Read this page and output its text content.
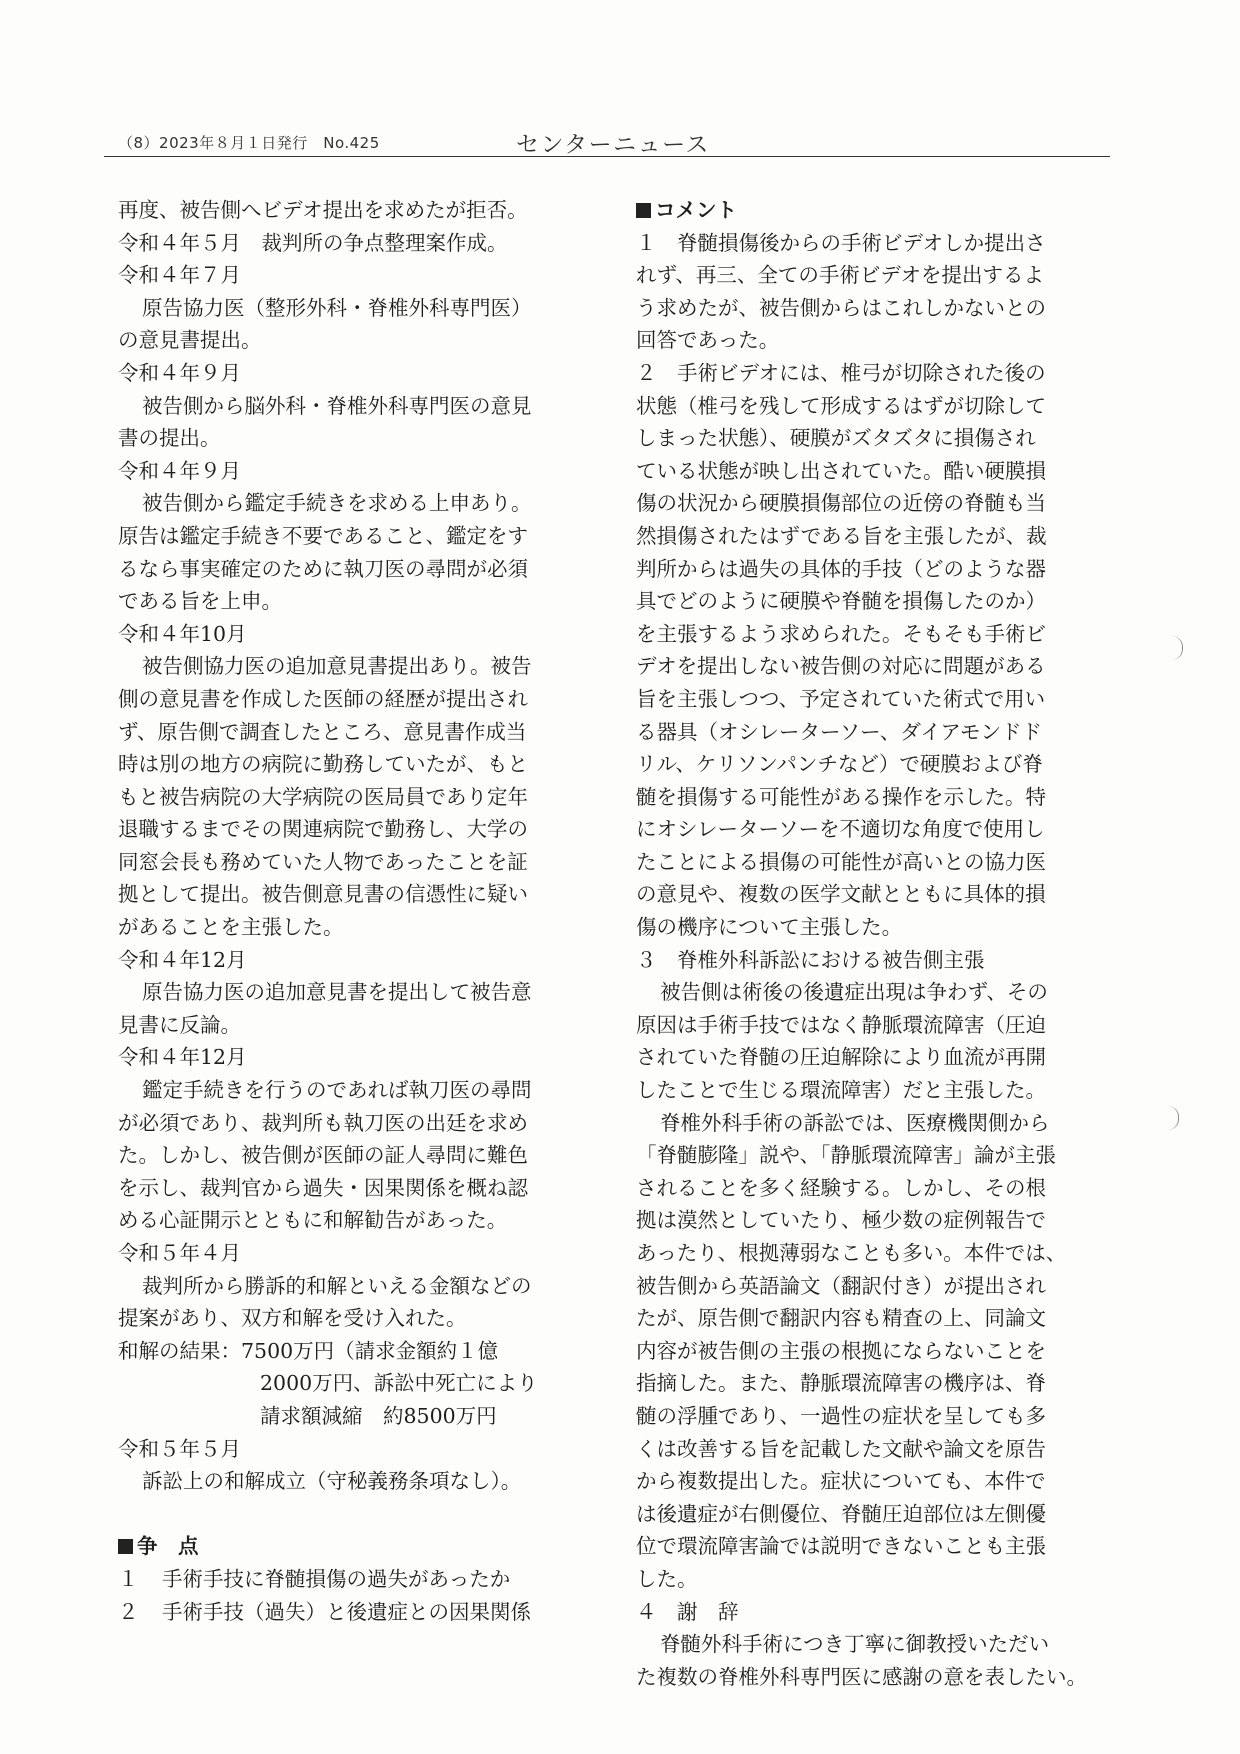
（8）2023年８月１日発行　No.425	センターニュース
再度、被告側へビデオ提出を求めたが拒否。
令和４年５月　裁判所の争点整理案作成。
令和４年７月
原告協力医（整形外科・脊椎外科専門医）
の意見書提出。
令和４年９月
被告側から脳外科・脊椎外科専門医の意見
書の提出。
令和４年９月
被告側から鑑定手続きを求める上申あり。
原告は鑑定手続き不要であること、鑑定をす
るなら事実確定のために執刀医の尋問が必須
である旨を上申。
令和４年10月
被告側協力医の追加意見書提出あり。被告
側の意見書を作成した医師の経歴が提出され
ず、原告側で調査したところ、意見書作成当
時は別の地方の病院に勤務していたが、もと
もと被告病院の大学病院の医局員であり定年
退職するまでその関連病院で勤務し、大学の
同窓会長も務めていた人物であったことを証
拠として提出。被告側意見書の信憑性に疑い
があることを主張した。
令和４年12月
原告協力医の追加意見書を提出して被告意
見書に反論。
令和４年12月
鑑定手続きを行うのであれば執刀医の尋問
が必須であり、裁判所も執刀医の出廷を求め
た。しかし、被告側が医師の証人尋問に難色
を示し、裁判官から過失・因果関係を概ね認
める心証開示とともに和解勧告があった。
令和５年４月
裁判所から勝訴的和解といえる金額などの
提案があり、双方和解を受け入れた。
和解の結果：7500万円（請求金額約１億
2000万円、訴訟中死亡により
請求額減縮　約8500万円
令和５年５月
訴訟上の和解成立（守秘義務条項なし）。
争　点
１ 手術手技に脊髄損傷の過失があったか
２ 手術手技（過失）と後遺症との因果関係
コメント
１　脊髄損傷後からの手術ビデオしか提出さ
れず、再三、全ての手術ビデオを提出するよ
う求めたが、被告側からはこれしかないとの
回答であった。
２　手術ビデオには、椎弓が切除された後の
状態（椎弓を残して形成するはずが切除して
しまった状態）、硬膜がズタズタに損傷され
ている状態が映し出されていた。酷い硬膜損
傷の状況から硬膜損傷部位の近傍の脊髄も当
然損傷されたはずである旨を主張したが、裁
判所からは過失の具体的手技（どのような器
具でどのように硬膜や脊髄を損傷したのか）
を主張するよう求められた。そもそも手術ビ
デオを提出しない被告側の対応に問題がある
旨を主張しつつ、予定されていた術式で用い
る器具（オシレーターソー、ダイアモンドド
リル、ケリソンパンチなど）で硬膜および脊
髄を損傷する可能性がある操作を示した。特
にオシレーターソーを不適切な角度で使用し
たことによる損傷の可能性が高いとの協力医
の意見や、複数の医学文献とともに具体的損
傷の機序について主張した。
３　脊椎外科訴訟における被告側主張
被告側は術後の後遺症出現は争わず、その
原因は手術手技ではなく静脈環流障害（圧迫
されていた脊髄の圧迫解除により血流が再開
したことで生じる環流障害）だと主張した。
脊椎外科手術の訴訟では、医療機関側から
「脊髄膨隆」説や、「静脈環流障害」論が主張
されることを多く経験する。しかし、その根
拠は漠然としていたり、極少数の症例報告で
あったり、根拠薄弱なことも多い。本件では、
被告側から英語論文（翻訳付き）が提出され
たが、原告側で翻訳内容も精査の上、同論文
内容が被告側の主張の根拠にならないことを
指摘した。また、静脈環流障害の機序は、脊
髄の浮腫であり、一過性の症状を呈しても多
くは改善する旨を記載した文献や論文を原告
から複数提出した。症状についても、本件で
は後遺症が右側優位、脊髄圧迫部位は左側優
位で環流障害論では説明できないことも主張
した。
４　謝　辞
脊髄外科手術につき丁寧に御教授いただい
た複数の脊椎外科専門医に感謝の意を表したい。
